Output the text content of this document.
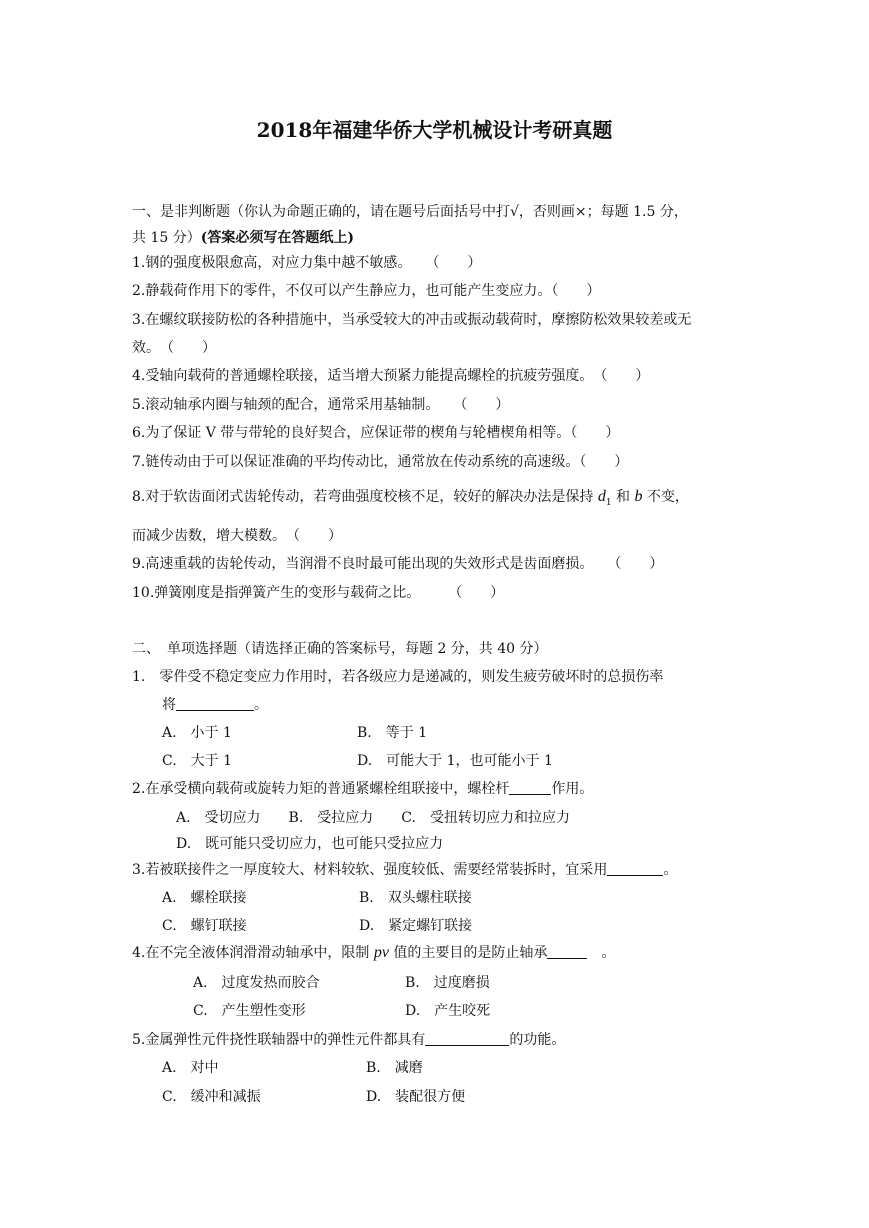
2018年福建华侨大学机械设计考研真题
一、是非判断题（你认为命题正确的，请在题号后面括号中打√，否则画×；每题 1.5 分，
共 15 分）(答案必须写在答题纸上)
1.钢的强度极限愈高，对应力集中越不敏感。　　（　　）
2.静载荷作用下的零件，不仅可以产生静应力，也可能产生变应力。（　　）
3.在螺纹联接防松的各种措施中，当承受较大的冲击或振动载荷时，摩擦防松效果较差或无
效。　（　　）
4.受轴向载荷的普通螺栓联接，适当增大预紧力能提高螺栓的抗疲劳强度。　（　　）
5.滚动轴承内圈与轴颈的配合，通常采用基轴制。　　（　　）
6.为了保证 V 带与带轮的良好契合，应保证带的楔角与轮槽楔角相等。（　　）
7.链传动由于可以保证准确的平均传动比，通常放在传动系统的高速级。（　　）
8.对于软齿面闭式齿轮传动，若弯曲强度校核不足，较好的解决办法是保持 $d_1$ 和 b 不变，
而减少齿数，增大模数。　（　　）
9.高速重载的齿轮传动，当润滑不良时最可能出现的失效形式是齿面磨损。　　（　　）
10.弹簧刚度是指弹簧产生的变形与载荷之比。　　　（　　）
二、　单项选择题（请选择正确的答案标号，每题 2 分，共 40 分）
1.　零件受不稳定变应力作用时，若各级应力是递减的，则发生疲劳破坏时的总损伤率
将	。
A.　小于 1	B.　等于 1
C.　大于 1	D.　可能大于 1，也可能小于 1
2.在承受横向载荷或旋转力矩的普通紧螺栓组联接中，螺栓杆	作用。
A.　受切应力　　B.　受拉应力　　C.　受扭转切应力和拉应力
D.　既可能只受切应力，也可能只受拉应力
3.若被联接件之一厚度较大、材料较软、强度较低、需要经常装拆时，宜采用	。
A.　螺栓联接	B.　双头螺柱联接
C.　螺钉联接	D.　紧定螺钉联接
4.在不完全液体润滑滑动轴承中，限制 pv 值的主要目的是防止轴承	　。
A.　过度发热而胶合	B.　过度磨损
C.　产生塑性变形	D.　产生咬死
5.金属弹性元件挠性联轴器中的弹性元件都具有	的功能。
A.　对中	B.　减磨
C.　缓冲和减振	D.　装配很方便
